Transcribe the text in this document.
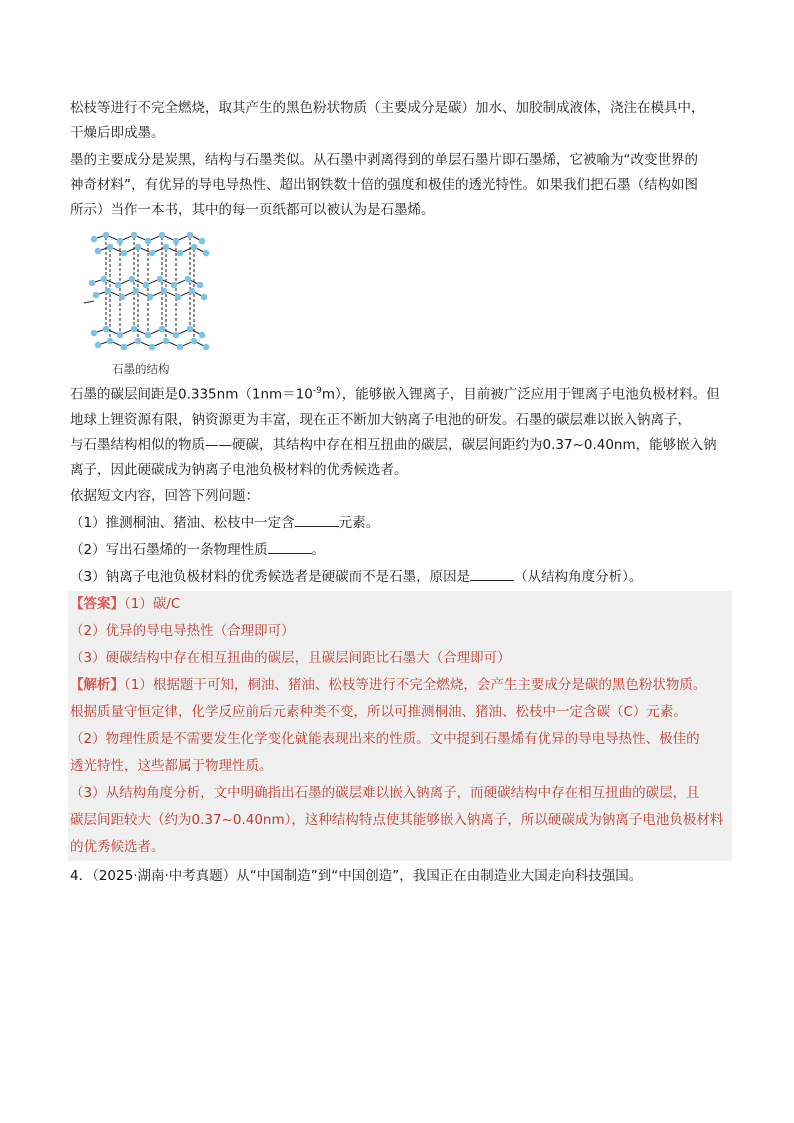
松枝等进行不完全燃烧，取其产生的黑色粉状物质（主要成分是碳）加水、加胶制成液体，浇注在模具中，

干燥后即成墨。

墨的主要成分是炭黑，结构与石墨类似。从石墨中剥离得到的单层石墨片即石墨烯，它被喻为“改变世界的

神奇材料”，有优异的导电导热性、超出钢铁数十倍的强度和极佳的透光特性。如果我们把石墨（结构如图

所示）当作一本书，其中的每一页纸都可以被认为是石墨烯。

石墨的结构

石墨的碳层间距是$0.335nm(1nm=10^{-9}m)$，能够嵌入锂离子，目前被广泛应用于锂离子电池负极材料。但

地球上锂资源有限，钠资源更为丰富，现在正不断加大钠离子电池的研发。石墨的碳层难以嵌入钠离子，

与石墨结构相似的物质——硬碳，其结构中存在相互扭曲的碳层，碳层间距约为0.37~0.40nm，能够嵌入钠

离子，因此硬碳成为钠离子电池负极材料的优秀候选者。

依据短文内容，回答下列问题：

（1）推测桐油、猪油、松枝中一定含	元素。

（2）写出石墨烯的一条物理性质	。

（3）钠离子电池负极材料的优秀候选者是硬碳而不是石墨，原因是	（从结构角度分析）。

【答案】（1）碳/C

（2）优异的导电导热性（合理即可）

（3）硬碳结构中存在相互扭曲的碳层，且碳层间距比石墨大（合理即可）

【解析】（1）根据题干可知，桐油、猪油、松枝等进行不完全燃烧，会产生主要成分是碳的黑色粉状物质。

根据质量守恒定律，化学反应前后元素种类不变，所以可推测桐油、猪油、松枝中一定含碳（C）元素。

（2）物理性质是不需要发生化学变化就能表现出来的性质。文中提到石墨烯有优异的导电导热性、极佳的

透光特性，这些都属于物理性质。

（3）从结构角度分析，文中明确指出石墨的碳层难以嵌入钠离子，而硬碳结构中存在相互扭曲的碳层，且

碳层间距较大（约为0.37~0.40nm），这种结构特点使其能够嵌入钠离子，所以硬碳成为钠离子电池负极材料

的优秀候选者。

4．（2025·湖南·中考真题）从“中国制造”到“中国创造”，我国正在由制造业大国走向科技强国。
